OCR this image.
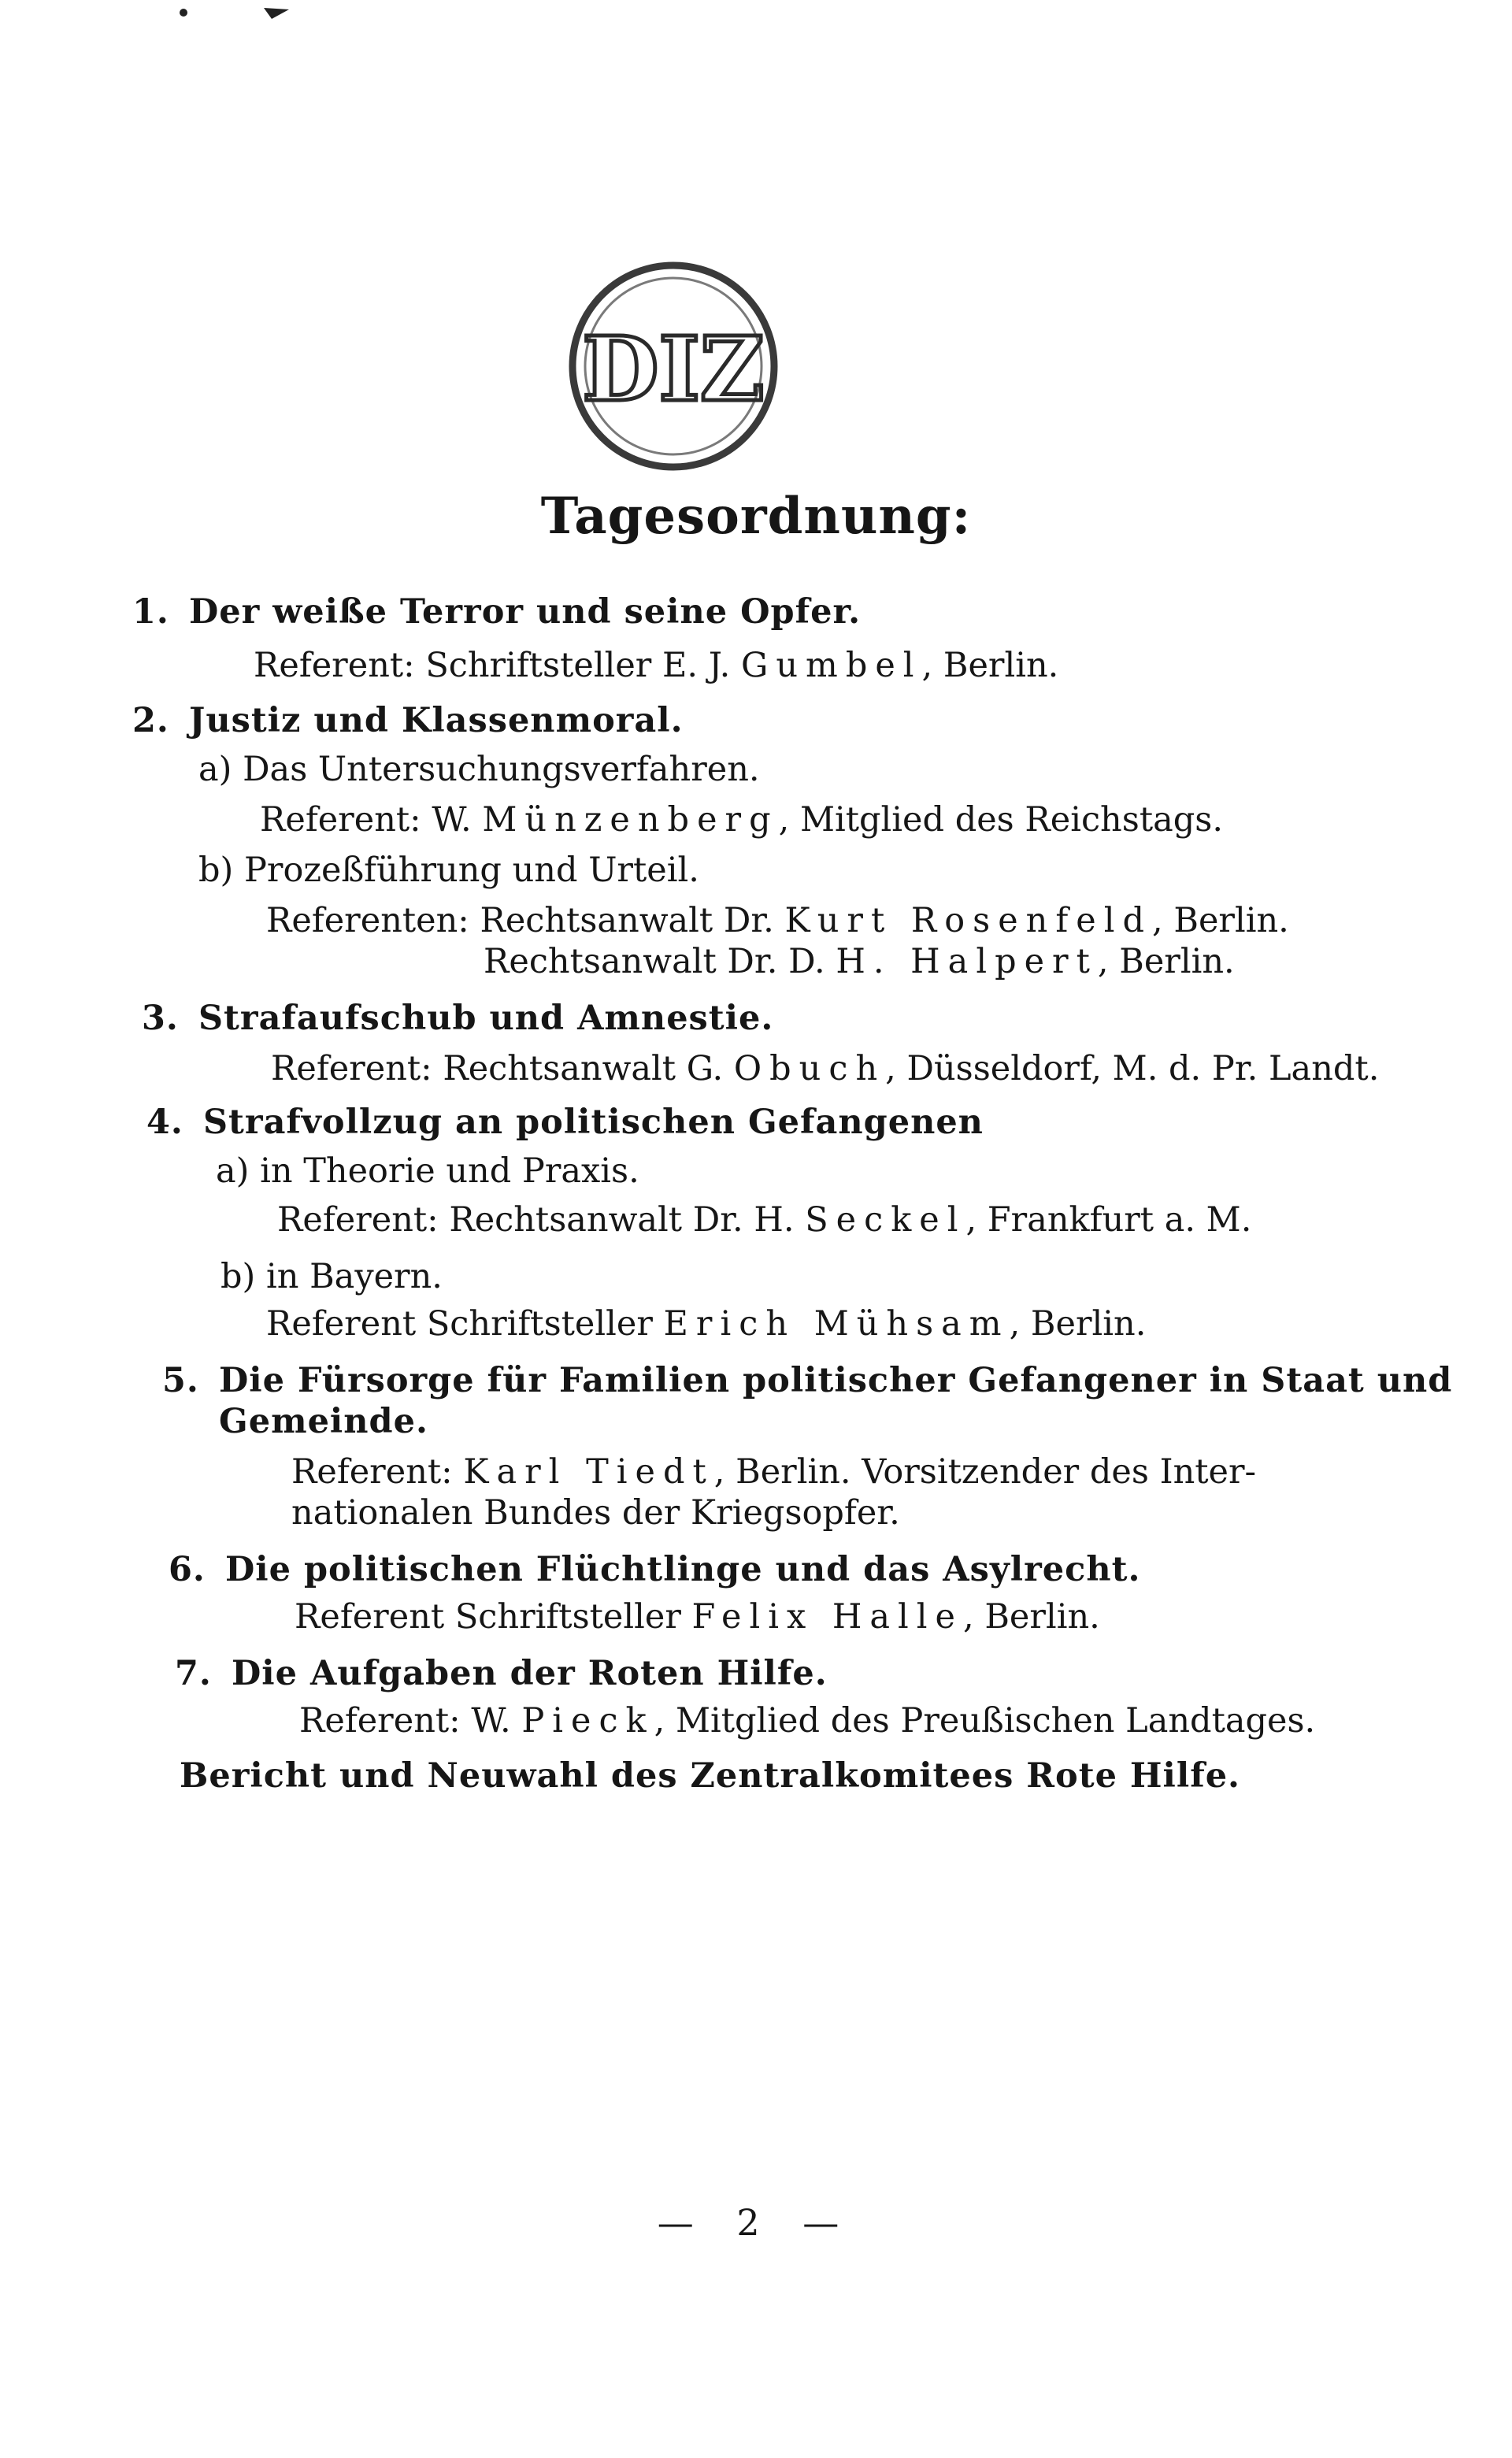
DIZ
Tagesordnung:
1. Der weiße Terror und seine Opfer.
Referent: Schriftsteller E. J. Gumbel, Berlin.
2. Justiz und Klassenmoral.
a) Das Untersuchungsverfahren.
Referent: W. Münzenberg, Mitglied des Reichstags.
b) Prozeßführung und Urteil.
Referenten: Rechtsanwalt Dr. Kurt Rosenfeld, Berlin.
Rechtsanwalt Dr. D. H. Halpert, Berlin.
3. Strafaufschub und Amnestie.
Referent: Rechtsanwalt G. Obuch, Düsseldorf, M. d. Pr. Landt.
4. Strafvollzug an politischen Gefangenen
a) in Theorie und Praxis.
Referent: Rechtsanwalt Dr. H. Seckel, Frankfurt a. M.
b) in Bayern.
Referent Schriftsteller Erich Mühsam, Berlin.
5. Die Fürsorge für Familien politischer Gefangener in Staat und
Gemeinde.
Referent: Karl Tiedt, Berlin. Vorsitzender des Inter-
nationalen Bundes der Kriegsopfer.
6. Die politischen Flüchtlinge und das Asylrecht.
Referent Schriftsteller Felix Halle, Berlin.
7. Die Aufgaben der Roten Hilfe.
Referent: W. Pieck, Mitglied des Preußischen Landtages.
Bericht und Neuwahl des Zentralkomitees Rote Hilfe.
— 2 —
